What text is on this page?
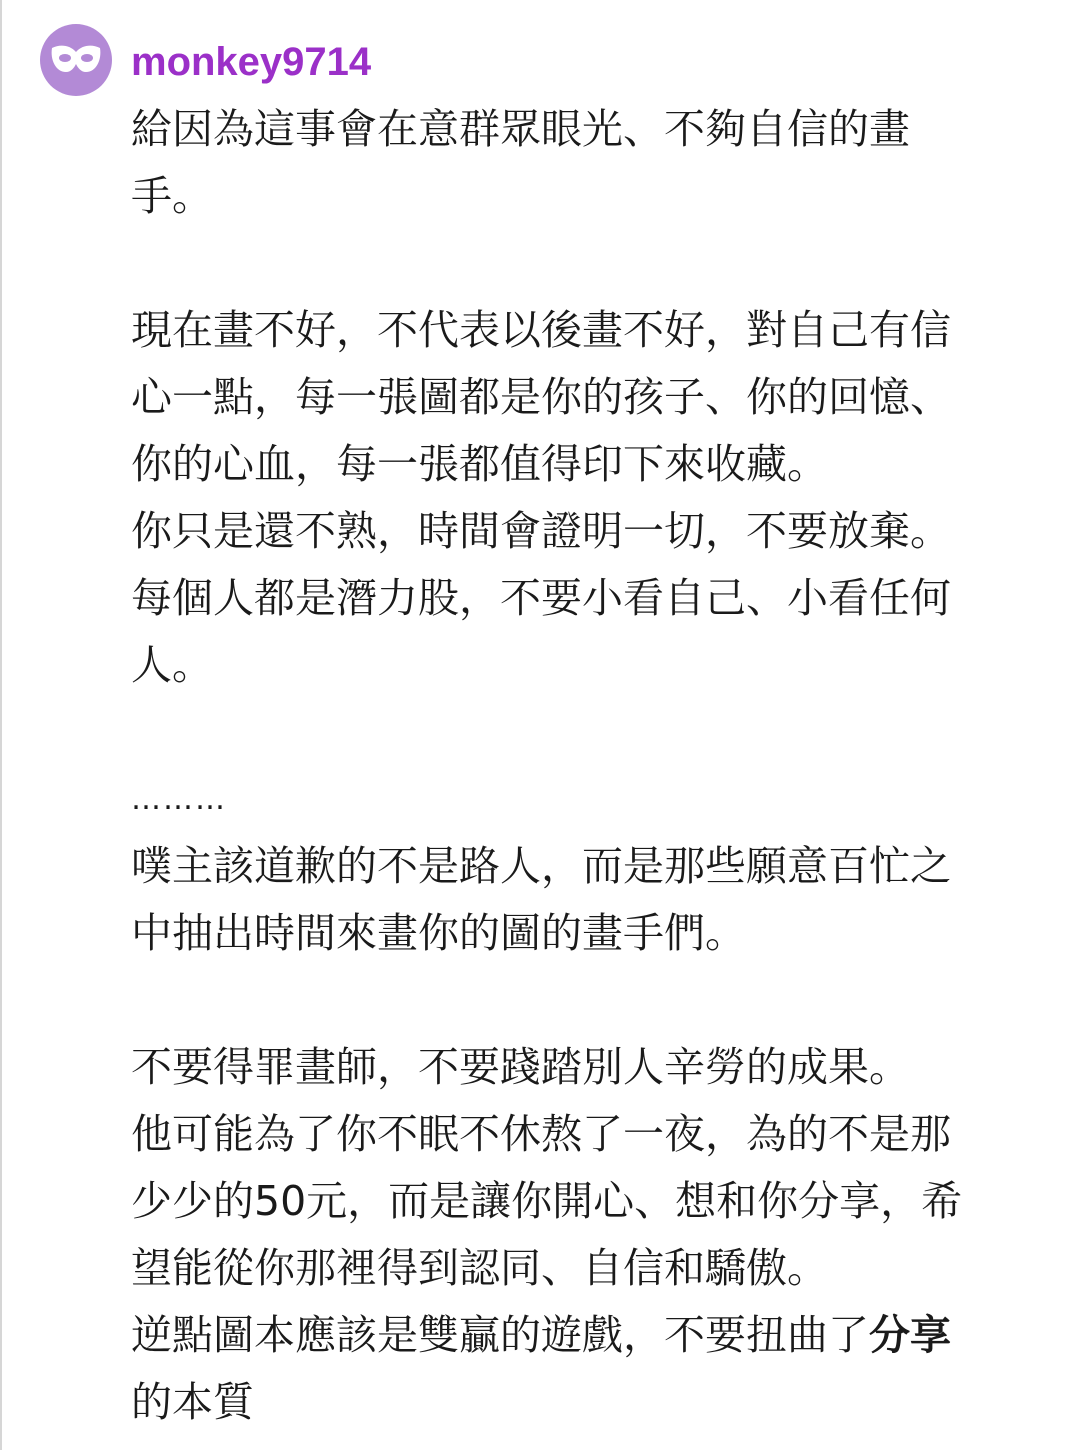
monkey9714
給因為這事會在意群眾眼光、不夠自信的畫
手。
現在畫不好，不代表以後畫不好，對自己有信
心一點，每一張圖都是你的孩子、你的回憶、
你的心血，每一張都值得印下來收藏。
你只是還不熟，時間會證明一切，不要放棄。
每個人都是潛力股，不要小看自己、小看任何
人。
………
噗主該道歉的不是路人，而是那些願意百忙之
中抽出時間來畫你的圖的畫手們。
不要得罪畫師，不要踐踏別人辛勞的成果。
他可能為了你不眠不休熬了一夜，為的不是那
少少的50元，而是讓你開心、想和你分享，希
望能從你那裡得到認同、自信和驕傲。
逆點圖本應該是雙贏的遊戲，不要扭曲了分享
的本質
